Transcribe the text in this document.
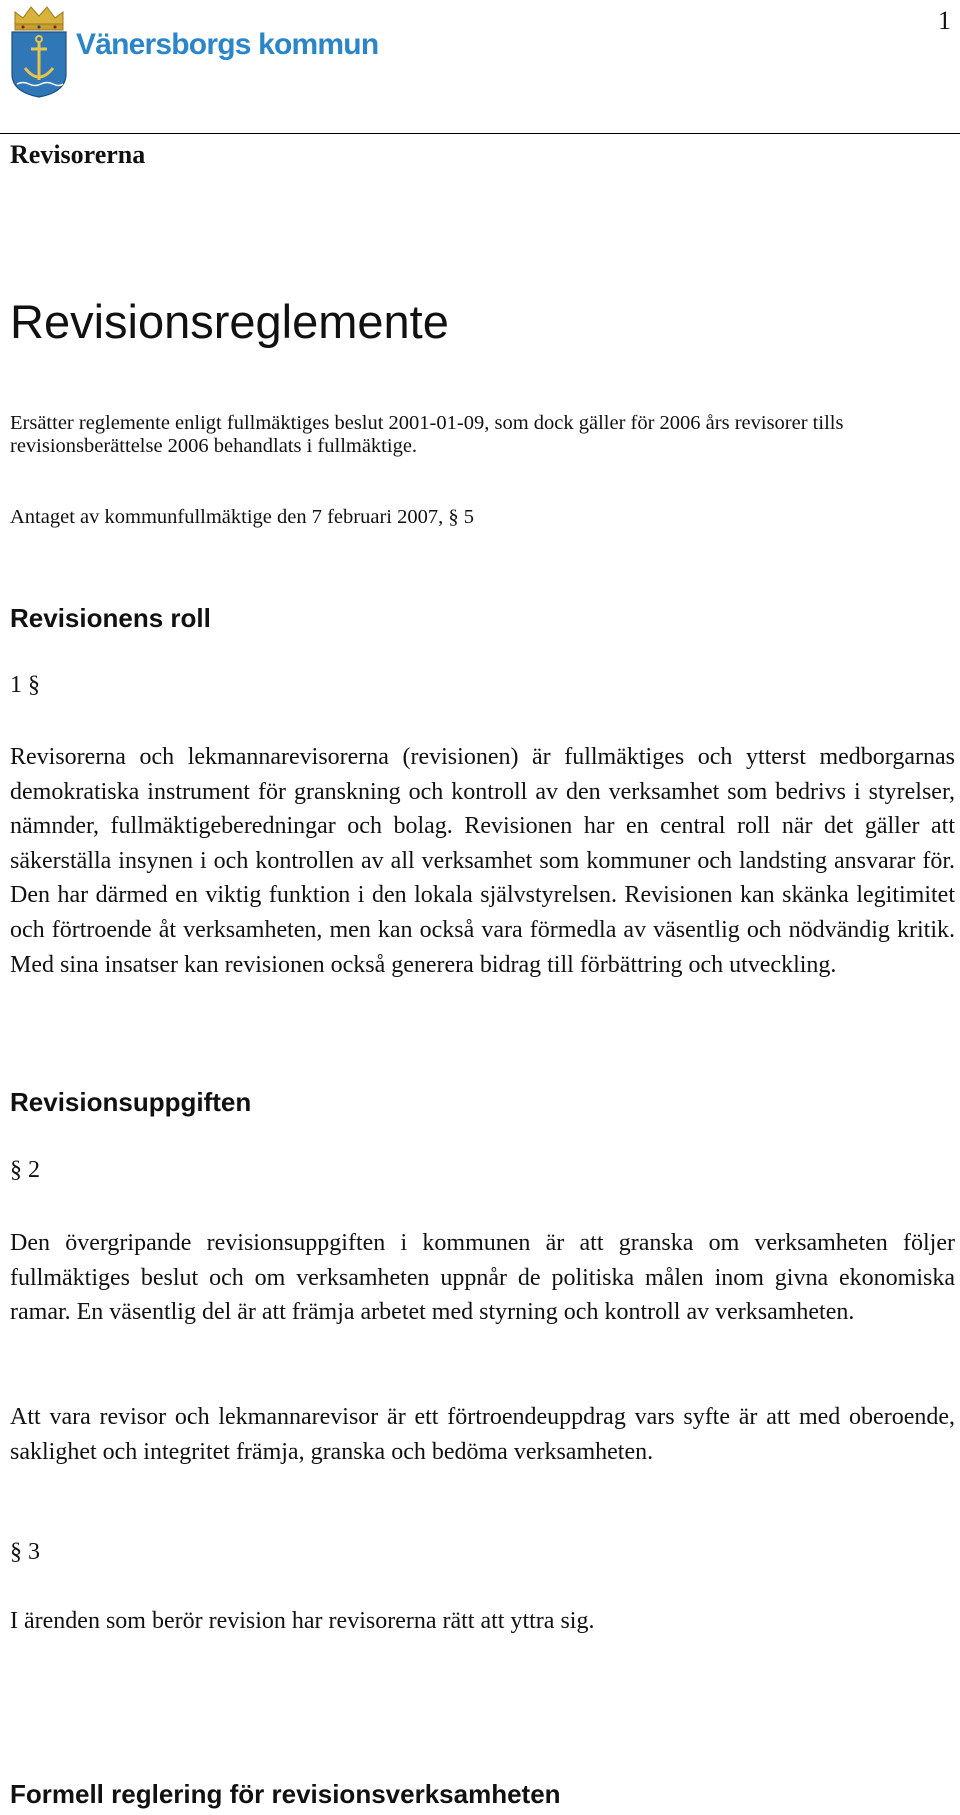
Vänersborgs kommun
1
Revisorerna
Revisionsreglemente

Ersätter reglemente enligt fullmäktiges beslut 2001-01-09, som dock gäller för 2006 års revisorer tills revisionsberättelse 2006 behandlats i fullmäktige.

Antaget av kommunfullmäktige den 7 februari 2007, § 5
Revisionens roll
1 §

Revisorerna och lekmannarevisorerna (revisionen) är fullmäktiges och ytterst medborgarnas demokratiska instrument för granskning och kontroll av den verksamhet som bedrivs i styrelser, nämnder, fullmäktigeberedningar och bolag. Revisionen har en central roll när det gäller att säkerställa insynen i och kontrollen av all verksamhet som kommuner och landsting ansvarar för. Den har därmed en viktig funktion i den lokala självstyrelsen. Revisionen kan skänka legitimitet och förtroende åt verksamheten, men kan också vara förmedla av väsentlig och nödvändig kritik. Med sina insatser kan revisionen också generera bidrag till förbättring och utveckling.

Revisionsuppgiften
§ 2

Den övergripande revisionsuppgiften i kommunen är att granska om verksamheten följer fullmäktiges beslut och om verksamheten uppnår de politiska målen inom givna ekonomiska ramar. En väsentlig del är att främja arbetet med styrning och kontroll av verksamheten.

Att vara revisor och lekmannarevisor är ett förtroendeuppdrag vars syfte är att med oberoende, saklighet och integritet främja, granska och bedöma verksamheten.

§ 3
I ärenden som berör revision har revisorerna rätt att yttra sig.
Formell reglering för revisionsverksamheten
